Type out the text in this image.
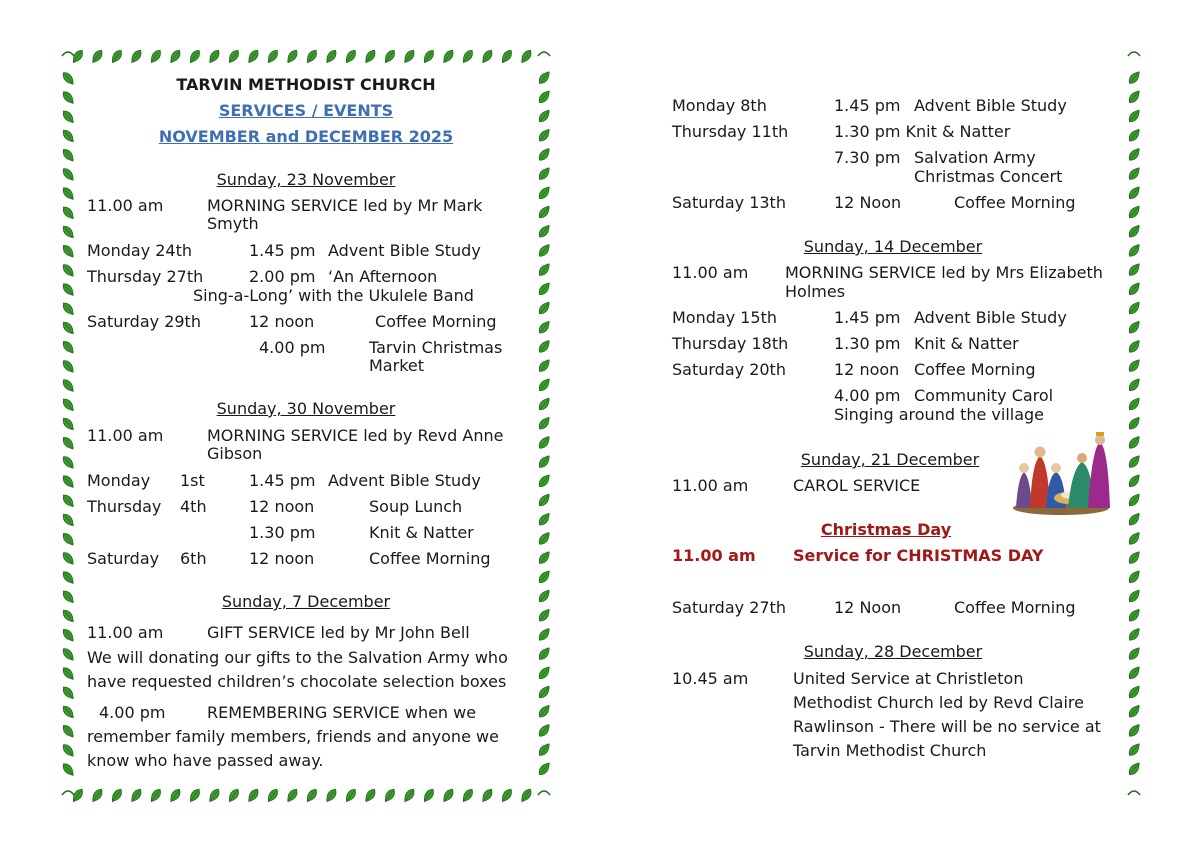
TARVIN METHODIST CHURCH
SERVICES / EVENTS
NOVEMBER and DECEMBER 2025
Sunday, 23 November
11.00 am	MORNING SERVICE led by Mr Mark
Smyth
Monday 24th	1.45 pm Advent Bible Study
Thursday 27th	2.00 pm ‘An Afternoon
Sing-a-Long’ with the Ukulele Band
Saturday 29th	12 noon	Coffee Morning
4.00 pm	Tarvin Christmas
Market
Sunday, 30 November
11.00 am	MORNING SERVICE led by Revd Anne
Gibson
Monday 1st	1.45 pm Advent Bible Study
Thursday 4th	12 noon	Soup Lunch
1.30 pm	Knit & Natter
Saturday 6th	12 noon	Coffee Morning
Sunday, 7 December
11.00 am	GIFT SERVICE led by Mr John Bell
We will donating our gifts to the Salvation Army who
have requested children’s chocolate selection boxes
4.00 pm	REMEMBERING SERVICE when we
remember family members, friends and anyone we
know who have passed away.
Monday 8th	1.45 pm Advent Bible Study
Thursday 11th	1.30 pm Knit & Natter
7.30 pm Salvation Army
Christmas Concert
Saturday 13th	12 Noon	Coffee Morning
Sunday, 14 December
11.00 am MORNING SERVICE led by Mrs Elizabeth
Holmes
Monday 15th	1.45 pm Advent Bible Study
Thursday 18th	1.30 pm Knit & Natter
Saturday 20th	12 noon Coffee Morning
4.00 pm Community Carol
Singing around the village
Sunday, 21 December
11.00 am	CAROL SERVICE
Christmas Day
11.00 am Service for CHRISTMAS DAY
Saturday 27th	12 Noon	Coffee Morning
Sunday, 28 December
10.45 am	United Service at Christleton
Methodist Church led by Revd Claire
Rawlinson - There will be no service at
Tarvin Methodist Church
